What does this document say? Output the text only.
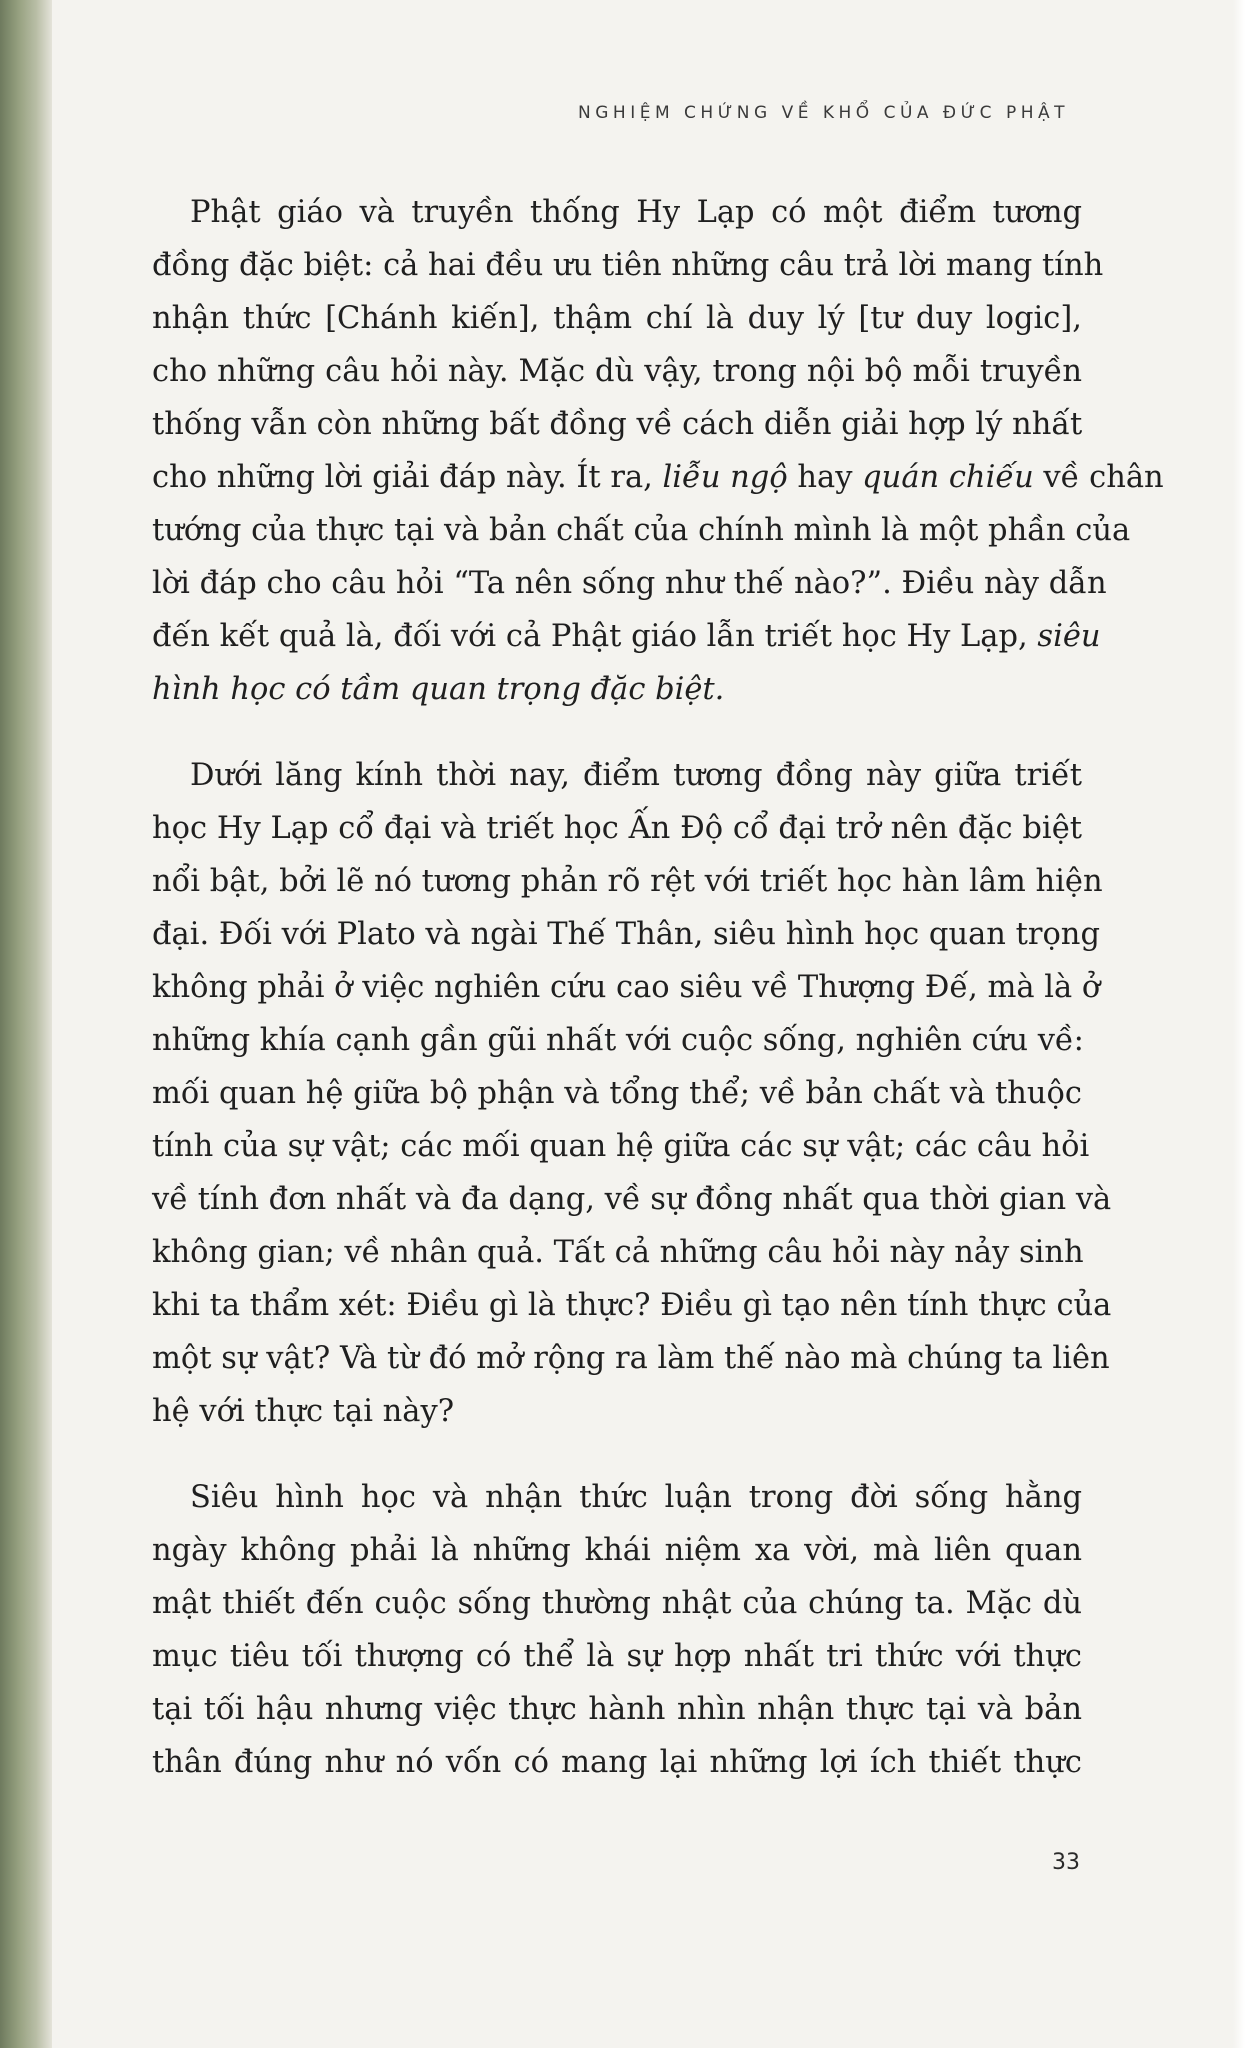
NGHIỆM CHỨNG VỀ KHỔ CỦA ĐỨC PHẬT

Phật giáo và truyền thống Hy Lạp có một điểm tương
đồng đặc biệt: cả hai đều ưu tiên những câu trả lời mang tính
nhận thức [Chánh kiến], thậm chí là duy lý [tư duy logic],
cho những câu hỏi này. Mặc dù vậy, trong nội bộ mỗi truyền
thống vẫn còn những bất đồng về cách diễn giải hợp lý nhất
cho những lời giải đáp này. Ít ra, liễu ngộ hay quán chiếu về chân
tướng của thực tại và bản chất của chính mình là một phần của
lời đáp cho câu hỏi “Ta nên sống như thế nào?”. Điều này dẫn
đến kết quả là, đối với cả Phật giáo lẫn triết học Hy Lạp, siêu
hình học có tầm quan trọng đặc biệt.

Dưới lăng kính thời nay, điểm tương đồng này giữa triết
học Hy Lạp cổ đại và triết học Ấn Độ cổ đại trở nên đặc biệt
nổi bật, bởi lẽ nó tương phản rõ rệt với triết học hàn lâm hiện
đại. Đối với Plato và ngài Thế Thân, siêu hình học quan trọng
không phải ở việc nghiên cứu cao siêu về Thượng Đế, mà là ở
những khía cạnh gần gũi nhất với cuộc sống, nghiên cứu về:
mối quan hệ giữa bộ phận và tổng thể; về bản chất và thuộc
tính của sự vật; các mối quan hệ giữa các sự vật; các câu hỏi
về tính đơn nhất và đa dạng, về sự đồng nhất qua thời gian và
không gian; về nhân quả. Tất cả những câu hỏi này nảy sinh
khi ta thẩm xét: Điều gì là thực? Điều gì tạo nên tính thực của
một sự vật? Và từ đó mở rộng ra làm thế nào mà chúng ta liên
hệ với thực tại này?

Siêu hình học và nhận thức luận trong đời sống hằng
ngày không phải là những khái niệm xa vời, mà liên quan
mật thiết đến cuộc sống thường nhật của chúng ta. Mặc dù
mục tiêu tối thượng có thể là sự hợp nhất tri thức với thực
tại tối hậu nhưng việc thực hành nhìn nhận thực tại và bản
thân đúng như nó vốn có mang lại những lợi ích thiết thực

33
